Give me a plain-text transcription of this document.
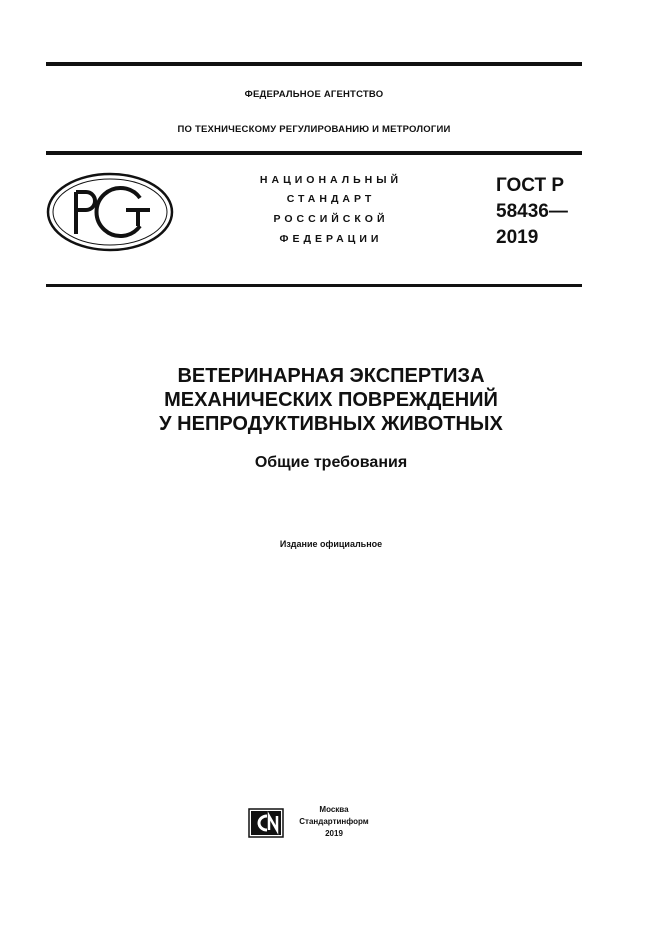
ФЕДЕРАЛЬНОЕ АГЕНТСТВО
ПО ТЕХНИЧЕСКОМУ РЕГУЛИРОВАНИЮ И МЕТРОЛОГИИ
НАЦИОНАЛЬНЫЙ
СТАНДАРТ
РОССИЙСКОЙ
ФЕДЕРАЦИИ
ГОСТ Р
58436—
2019
ВЕТЕРИНАРНАЯ ЭКСПЕРТИЗА
МЕХАНИЧЕСКИХ ПОВРЕЖДЕНИЙ
У НЕПРОДУКТИВНЫХ ЖИВОТНЫХ
Общие требования
Издание официальное
Москва
Стандартинформ
2019
